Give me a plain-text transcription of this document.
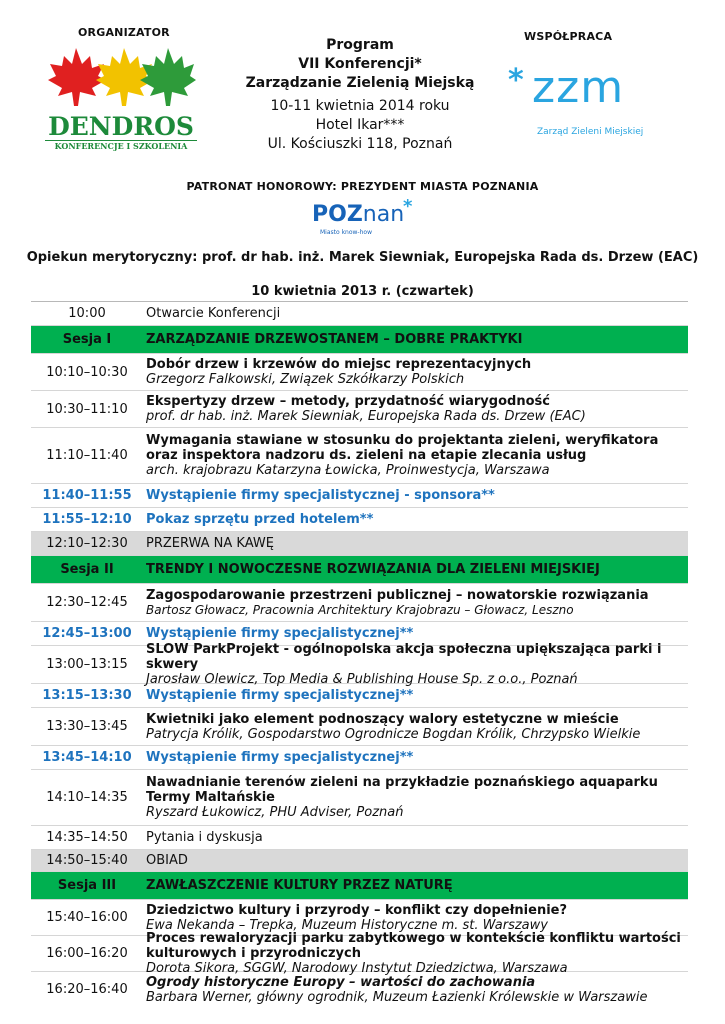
ORGANIZATOR
DENDROS
KONFERENCJE I SZKOLENIA
Program
VII Konferencji*
Zarządzanie Zielenią Miejską
10-11 kwietnia 2014 roku
Hotel Ikar***
Ul. Kościuszki 118, Poznań
WSPÓŁPRACA
* zzm
Zarząd Zieleni Miejskiej
PATRONAT HONOROWY: PREZYDENT MIASTA POZNANIA
POZnan
*
Miasto know-how
Opiekun merytoryczny: prof. dr hab. inż. Marek Siewniak, Europejska Rada ds. Drzew (EAC)
10 kwietnia 2013 r. (czwartek)
10:00	Otwarcie Konferencji
Sesja I	ZARZĄDZANIE DRZEWOSTANEM – DOBRE PRAKTYKI
10:10–10:30	Dobór drzew i krzewów do miejsc reprezentacyjnych
Grzegorz Falkowski, Związek Szkółkarzy Polskich
10:30–11:10	Ekspertyzy drzew – metody, przydatność wiarygodność
prof. dr hab. inż. Marek Siewniak, Europejska Rada ds. Drzew (EAC)
11:10–11:40
Wymagania stawiane w stosunku do projektanta zieleni, weryfikatora oraz inspektora nadzoru ds. zieleni na etapie zlecania usług
arch. krajobrazu Katarzyna Łowicka, Proinwestycja, Warszawa
11:40–11:55	Wystąpienie firmy specjalistycznej - sponsora**
11:55–12:10	Pokaz sprzętu przed hotelem**
12:10–12:30	PRZERWA NA KAWĘ
Sesja II	TRENDY I NOWOCZESNE ROZWIĄZANIA DLA ZIELENI MIEJSKIEJ
12:30–12:45	Zagospodarowanie przestrzeni publicznej – nowatorskie rozwiązania
Bartosz Głowacz, Pracownia Architektury Krajobrazu – Głowacz, Leszno
12:45–13:00	Wystąpienie firmy specjalistycznej**
13:00–13:15
SLOW ParkProjekt - ogólnopolska akcja społeczna upiększająca parki i skwery
Jarosław Olewicz, Top Media & Publishing House Sp. z o.o., Poznań
13:15–13:30	Wystąpienie firmy specjalistycznej**
13:30–13:45	Kwietniki jako element podnoszący walory estetyczne w mieście
Patrycja Królik, Gospodarstwo Ogrodnicze Bogdan Królik, Chrzypsko Wielkie
13:45–14:10	Wystąpienie firmy specjalistycznej**
14:10–14:35
Nawadnianie terenów zieleni na przykładzie poznańskiego aquaparku Termy Maltańskie
Ryszard Łukowicz, PHU Adviser, Poznań
14:35–14:50	Pytania i dyskusja
14:50–15:40	OBIAD
Sesja III	ZAWŁASZCZENIE KULTURY PRZEZ NATURĘ
15:40–16:00	Dziedzictwo kultury i przyrody – konflikt czy dopełnienie?
Ewa Nekanda – Trepka, Muzeum Historyczne m. st. Warszawy
16:00–16:20
Proces rewaloryzacji parku zabytkowego w kontekście konfliktu wartości kulturowych i przyrodniczych
Dorota Sikora, SGGW, Narodowy Instytut Dziedzictwa, Warszawa
16:20–16:40	Ogrody historyczne Europy – wartości do zachowania
Barbara Werner, główny ogrodnik, Muzeum Łazienki Królewskie w Warszawie
